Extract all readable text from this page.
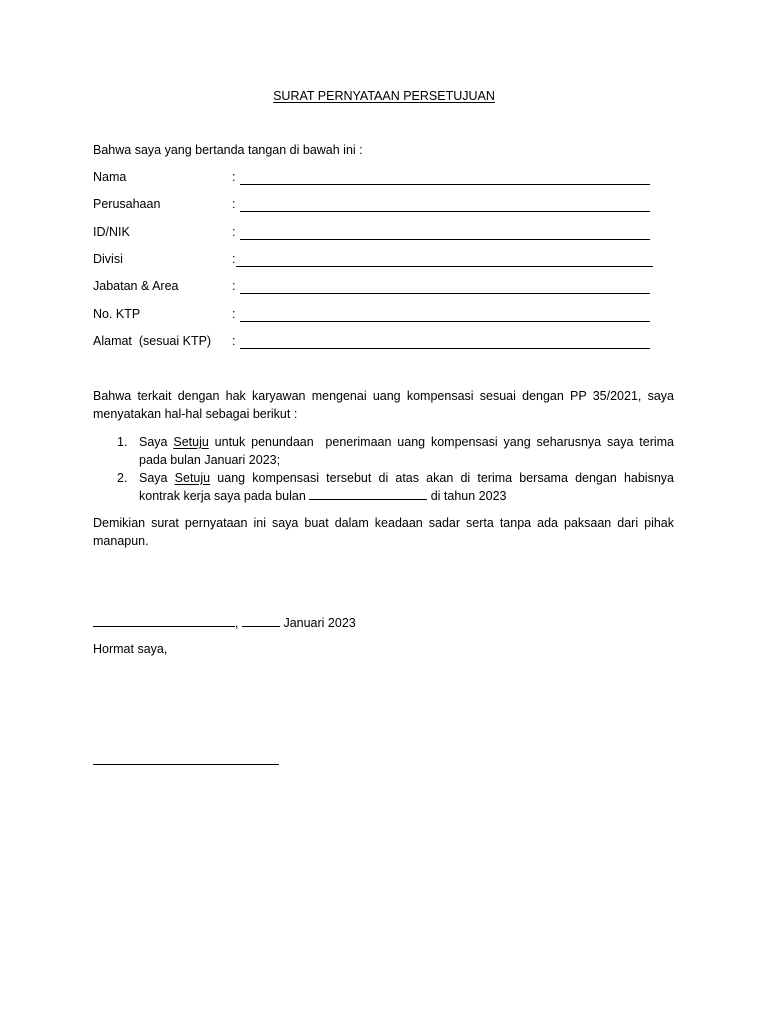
SURAT PERNYATAAN PERSETUJUAN
Bahwa saya yang bertanda tangan di bawah ini :
Nama	:
Perusahaan	:
ID/NIK	:
Divisi	:
Jabatan & Area	:
No. KTP	:
Alamat  (sesuai KTP) :
Bahwa terkait dengan hak karyawan mengenai uang kompensasi sesuai dengan PP 35/2021, saya
menyatakan hal-hal sebagai berikut :
1. Saya Setuju untuk penundaan  penerimaan uang kompensasi yang seharusnya saya terima
pada bulan Januari 2023;
2. Saya Setuju uang kompensasi tersebut di atas akan di terima bersama dengan habisnya
kontrak kerja saya pada bulan	di tahun 2023
Demikian surat pernyataan ini saya buat dalam keadaan sadar serta tanpa ada paksaan dari pihak
manapun.
,	Januari 2023
Hormat saya,
